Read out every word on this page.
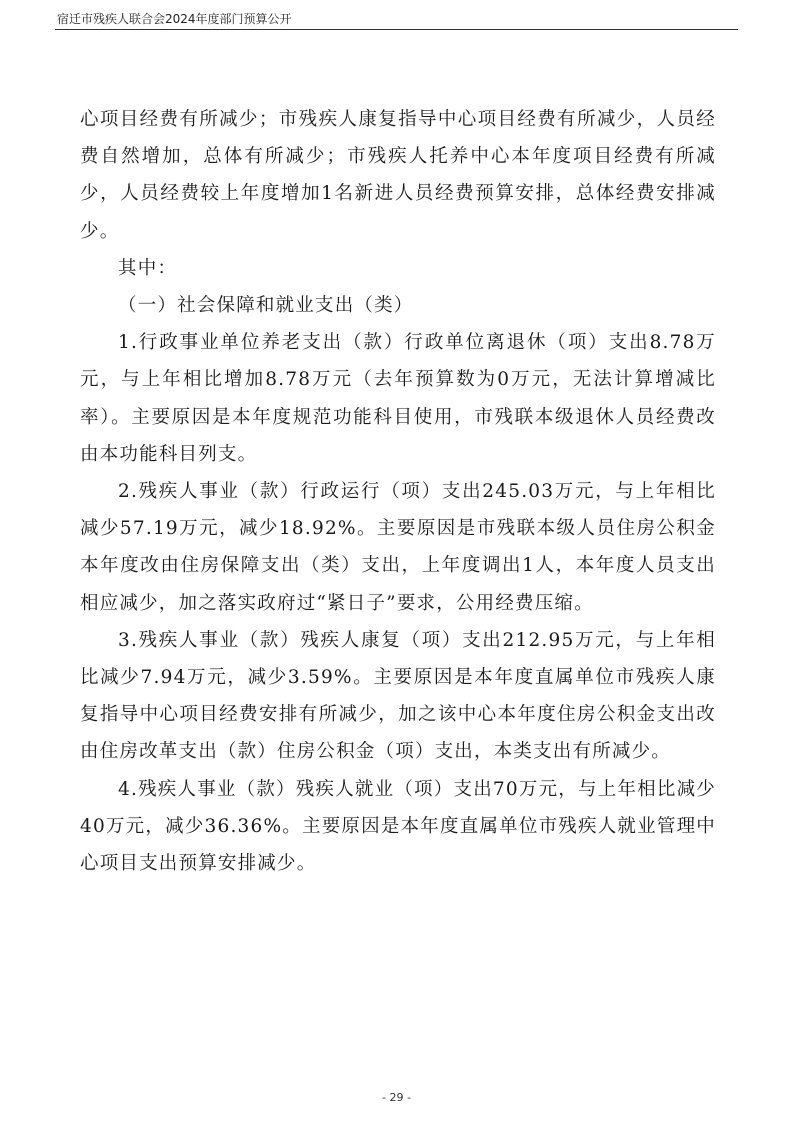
宿迁市残疾人联合会2024年度部门预算公开

心项目经费有所减少；市残疾人康复指导中心项目经费有所减少，人员经费自然增加，总体有所减少；市残疾人托养中心本年度项目经费有所减少，人员经费较上年度增加1名新进人员经费预算安排，总体经费安排减少。

其中：

（一）社会保障和就业支出（类）

1.行政事业单位养老支出（款）行政单位离退休（项）支出8.78万元，与上年相比增加8.78万元（去年预算数为0万元，无法计算增减比率）。主要原因是本年度规范功能科目使用，市残联本级退休人员经费改由本功能科目列支。

2.残疾人事业（款）行政运行（项）支出245.03万元，与上年相比减少57.19万元，减少18.92%。主要原因是市残联本级人员住房公积金本年度改由住房保障支出（类）支出，上年度调出1人，本年度人员支出相应减少，加之落实政府过“紧日子”要求，公用经费压缩。

3.残疾人事业（款）残疾人康复（项）支出212.95万元，与上年相比减少7.94万元，减少3.59%。主要原因是本年度直属单位市残疾人康复指导中心项目经费安排有所减少，加之该中心本年度住房公积金支出改由住房改革支出（款）住房公积金（项）支出，本类支出有所减少。

4.残疾人事业（款）残疾人就业（项）支出70万元，与上年相比减少40万元，减少36.36%。主要原因是本年度直属单位市残疾人就业管理中心项目支出预算安排减少。

- 29 -
